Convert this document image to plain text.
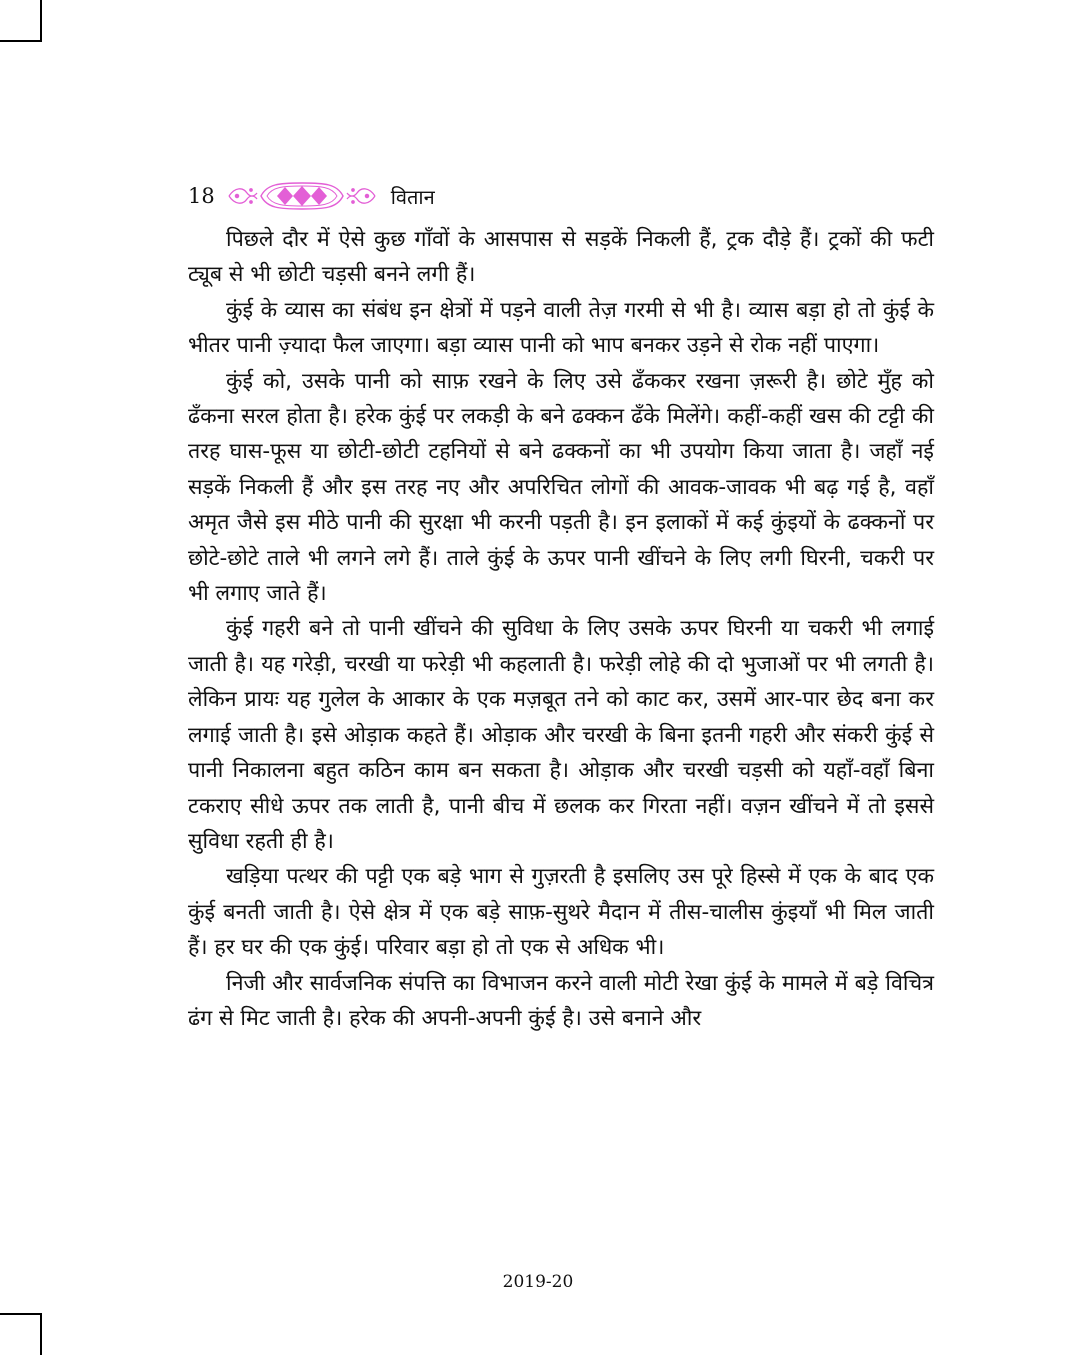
18	वितान

पिछले दौर में ऐसे कुछ गाँवों के आसपास से सड़कें निकली हैं, ट्रक दौड़े हैं। ट्रकों की फटी ट्यूब से भी छोटी चड़सी बनने लगी हैं।

कुंई के व्यास का संबंध इन क्षेत्रों में पड़ने वाली तेज़ गरमी से भी है। व्यास बड़ा हो तो कुंई के भीतर पानी ज़्यादा फैल जाएगा। बड़ा व्यास पानी को भाप बनकर उड़ने से रोक नहीं पाएगा।

कुंई को, उसके पानी को साफ़ रखने के लिए उसे ढँककर रखना ज़रूरी है। छोटे मुँह को ढँकना सरल होता है। हरेक कुंई पर लकड़ी के बने ढक्कन ढँके मिलेंगे। कहीं-कहीं खस की टट्टी की तरह घास-फूस या छोटी-छोटी टहनियों से बने ढक्कनों का भी उपयोग किया जाता है। जहाँ नई सड़कें निकली हैं और इस तरह नए और अपरिचित लोगों की आवक-जावक भी बढ़ गई है, वहाँ अमृत जैसे इस मीठे पानी की सुरक्षा भी करनी पड़ती है। इन इलाकों में कई कुंइयों के ढक्कनों पर छोटे-छोटे ताले भी लगने लगे हैं। ताले कुंई के ऊपर पानी खींचने के लिए लगी घिरनी, चकरी पर भी लगाए जाते हैं।

कुंई गहरी बने तो पानी खींचने की सुविधा के लिए उसके ऊपर घिरनी या चकरी भी लगाई जाती है। यह गरेड़ी, चरखी या फरेड़ी भी कहलाती है। फरेड़ी लोहे की दो भुजाओं पर भी लगती है। लेकिन प्रायः यह गुलेल के आकार के एक मज़बूत तने को काट कर, उसमें आर-पार छेद बना कर लगाई जाती है। इसे ओड़ाक कहते हैं। ओड़ाक और चरखी के बिना इतनी गहरी और संकरी कुंई से पानी निकालना बहुत कठिन काम बन सकता है। ओड़ाक और चरखी चड़सी को यहाँ-वहाँ बिना टकराए सीधे ऊपर तक लाती है, पानी बीच में छलक कर गिरता नहीं। वज़न खींचने में तो इससे सुविधा रहती ही है।

खड़िया पत्थर की पट्टी एक बड़े भाग से गुज़रती है इसलिए उस पूरे हिस्से में एक के बाद एक कुंई बनती जाती है। ऐसे क्षेत्र में एक बड़े साफ़-सुथरे मैदान में तीस-चालीस कुंइयाँ भी मिल जाती हैं। हर घर की एक कुंई। परिवार बड़ा हो तो एक से अधिक भी।

निजी और सार्वजनिक संपत्ति का विभाजन करने वाली मोटी रेखा कुंई के मामले में बड़े विचित्र ढंग से मिट जाती है। हरेक की अपनी-अपनी कुंई है। उसे बनाने और

2019-20
